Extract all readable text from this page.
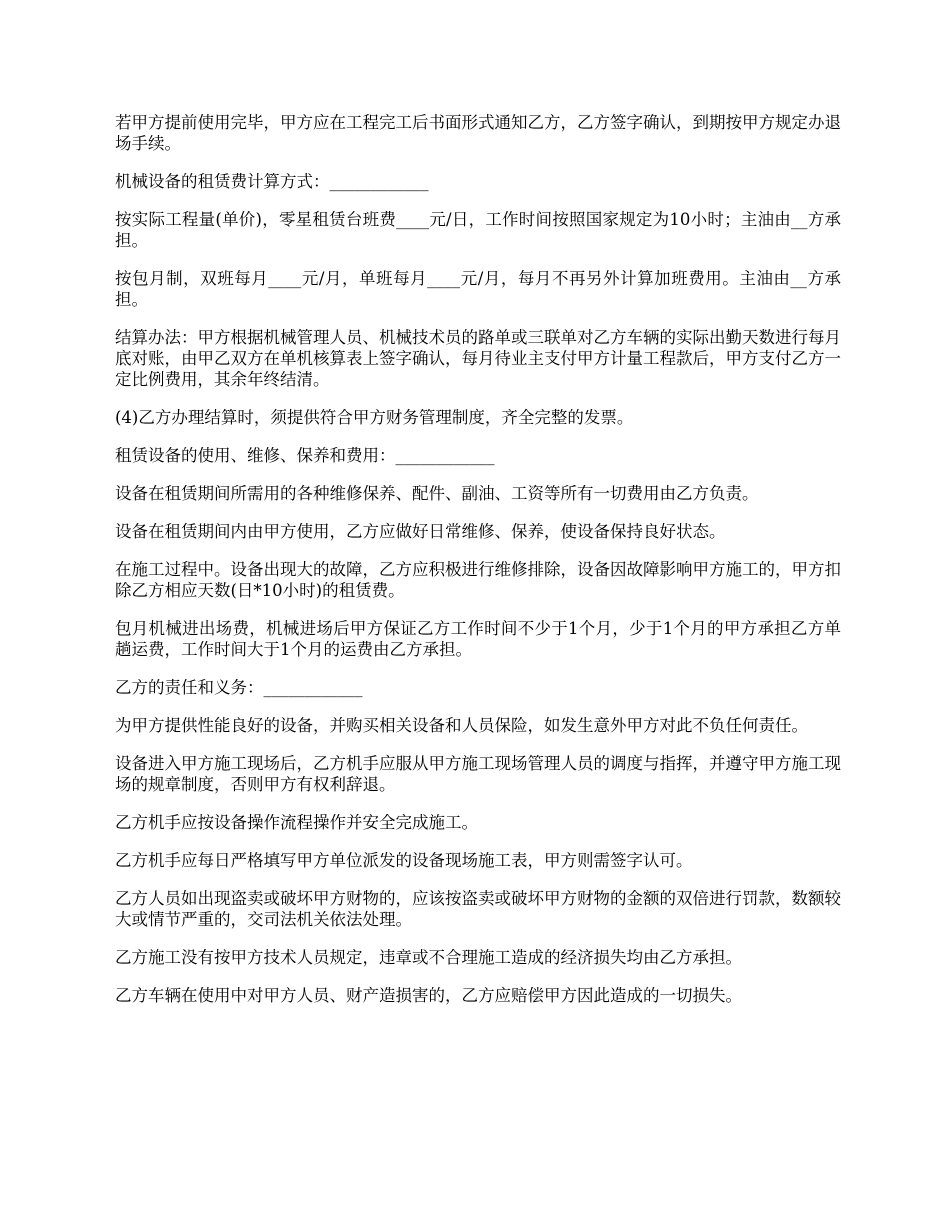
若甲方提前使用完毕，甲方应在工程完工后书面形式通知乙方，乙方签字确认，到期按甲方规定办退场手续。

机械设备的租赁费计算方式：____________

按实际工程量(单价)，零星租赁台班费____元/日，工作时间按照国家规定为10小时；主油由__方承担。

按包月制，双班每月____元/月，单班每月____元/月，每月不再另外计算加班费用。主油由__方承担。

结算办法：甲方根据机械管理人员、机械技术员的路单或三联单对乙方车辆的实际出勤天数进行每月底对账，由甲乙双方在单机核算表上签字确认，每月待业主支付甲方计量工程款后，甲方支付乙方一定比例费用，其余年终结清。

(4)乙方办理结算时，须提供符合甲方财务管理制度，齐全完整的发票。

租赁设备的使用、维修、保养和费用：____________

设备在租赁期间所需用的各种维修保养、配件、副油、工资等所有一切费用由乙方负责。

设备在租赁期间内由甲方使用，乙方应做好日常维修、保养，使设备保持良好状态。

在施工过程中。设备出现大的故障，乙方应积极进行维修排除，设备因故障影响甲方施工的，甲方扣除乙方相应天数(日*10小时)的租赁费。

包月机械进出场费，机械进场后甲方保证乙方工作时间不少于1个月，少于1个月的甲方承担乙方单趟运费，工作时间大于1个月的运费由乙方承担。

乙方的责任和义务：____________

为甲方提供性能良好的设备，并购买相关设备和人员保险，如发生意外甲方对此不负任何责任。

设备进入甲方施工现场后，乙方机手应服从甲方施工现场管理人员的调度与指挥，并遵守甲方施工现场的规章制度，否则甲方有权利辞退。

乙方机手应按设备操作流程操作并安全完成施工。

乙方机手应每日严格填写甲方单位派发的设备现场施工表，甲方则需签字认可。

乙方人员如出现盗卖或破坏甲方财物的，应该按盗卖或破坏甲方财物的金额的双倍进行罚款，数额较大或情节严重的，交司法机关依法处理。

乙方施工没有按甲方技术人员规定，违章或不合理施工造成的经济损失均由乙方承担。

乙方车辆在使用中对甲方人员、财产造损害的，乙方应赔偿甲方因此造成的一切损失。
